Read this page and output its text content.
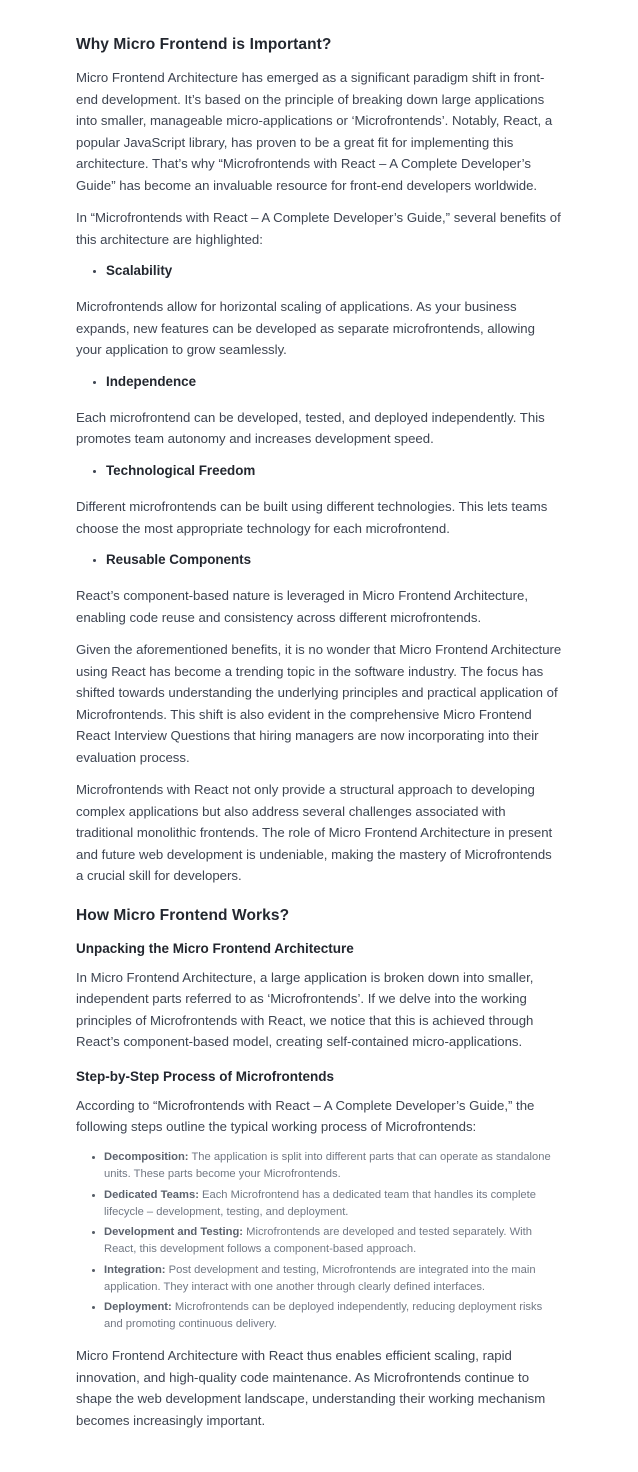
Why Micro Frontend is Important?

Micro Frontend Architecture has emerged as a significant paradigm shift in front-end development. It’s based on the principle of breaking down large applications into smaller, manageable micro-applications or ‘Microfrontends’. Notably, React, a popular JavaScript library, has proven to be a great fit for implementing this architecture. That’s why “Microfrontends with React – A Complete Developer’s Guide” has become an invaluable resource for front-end developers worldwide.

In “Microfrontends with React – A Complete Developer’s Guide,” several benefits of this architecture are highlighted:

• Scalability

Microfrontends allow for horizontal scaling of applications. As your business expands, new features can be developed as separate microfrontends, allowing your application to grow seamlessly.

• Independence

Each microfrontend can be developed, tested, and deployed independently. This promotes team autonomy and increases development speed.

• Technological Freedom

Different microfrontends can be built using different technologies. This lets teams choose the most appropriate technology for each microfrontend.

• Reusable Components

React’s component-based nature is leveraged in Micro Frontend Architecture, enabling code reuse and consistency across different microfrontends.

Given the aforementioned benefits, it is no wonder that Micro Frontend Architecture using React has become a trending topic in the software industry. The focus has shifted towards understanding the underlying principles and practical application of Microfrontends. This shift is also evident in the comprehensive Micro Frontend React Interview Questions that hiring managers are now incorporating into their evaluation process.

Microfrontends with React not only provide a structural approach to developing complex applications but also address several challenges associated with traditional monolithic frontends. The role of Micro Frontend Architecture in present and future web development is undeniable, making the mastery of Microfrontends a crucial skill for developers.

How Micro Frontend Works?
Unpacking the Micro Frontend Architecture

In Micro Frontend Architecture, a large application is broken down into smaller, independent parts referred to as ‘Microfrontends’. If we delve into the working principles of Microfrontends with React, we notice that this is achieved through React’s component-based model, creating self-contained micro-applications.

Step-by-Step Process of Microfrontends

According to “Microfrontends with React – A Complete Developer’s Guide,” the following steps outline the typical working process of Microfrontends:

• Decomposition: The application is split into different parts that can operate as standalone units. These parts become your Microfrontends.
• Dedicated Teams: Each Microfrontend has a dedicated team that handles its complete lifecycle – development, testing, and deployment.
• Development and Testing: Microfrontends are developed and tested separately. With React, this development follows a component-based approach.
• Integration: Post development and testing, Microfrontends are integrated into the main application. They interact with one another through clearly defined interfaces.
• Deployment: Microfrontends can be deployed independently, reducing deployment risks and promoting continuous delivery.

Micro Frontend Architecture with React thus enables efficient scaling, rapid innovation, and high-quality code maintenance. As Microfrontends continue to shape the web development landscape, understanding their working mechanism becomes increasingly important.
